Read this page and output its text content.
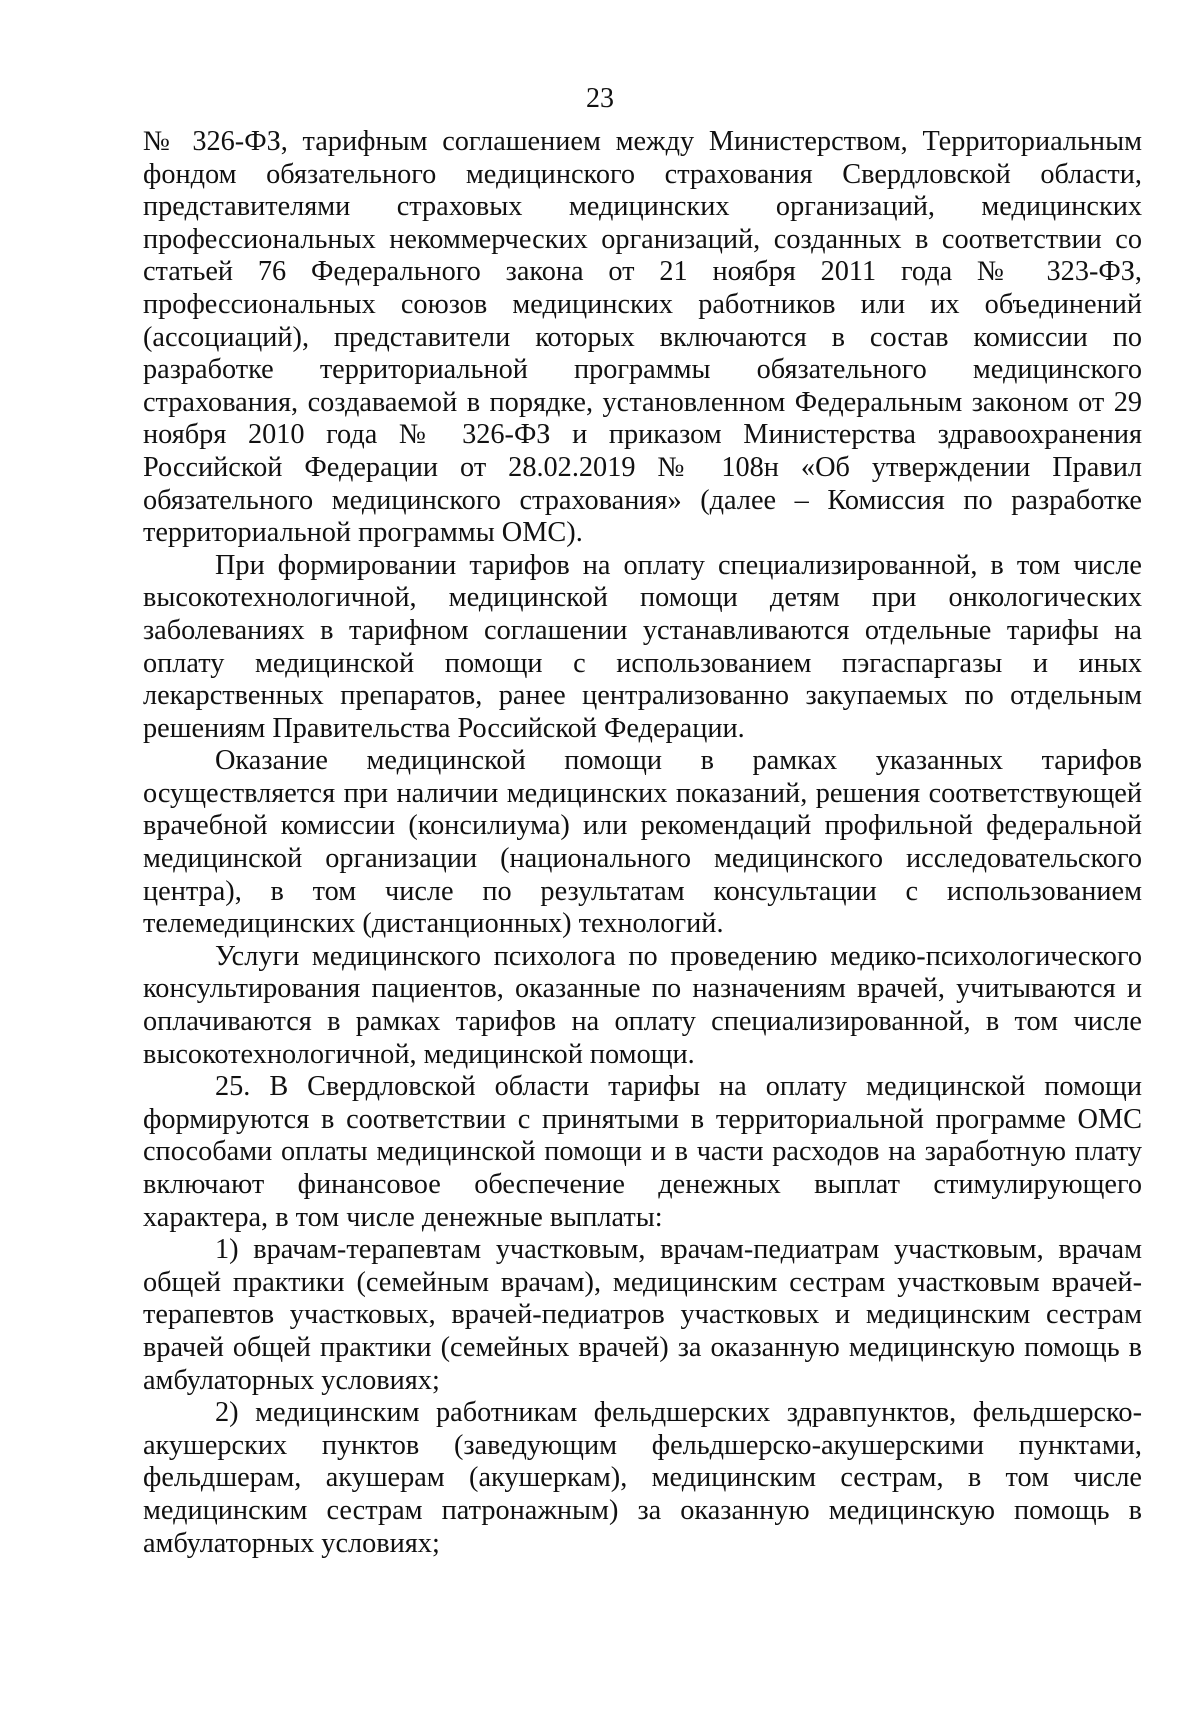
23

№ 326-ФЗ, тарифным соглашением между Министерством, Территориальным фондом обязательного медицинского страхования Свердловской области, представителями страховых медицинских организаций, медицинских профессиональных некоммерческих организаций, созданных в соответствии со статьей 76 Федерального закона от 21 ноября 2011 года № 323-ФЗ, профессиональных союзов медицинских работников или их объединений (ассоциаций), представители которых включаются в состав комиссии по разработке территориальной программы обязательного медицинского страхования, создаваемой в порядке, установленном Федеральным законом от 29 ноября 2010 года № 326-ФЗ и приказом Министерства здравоохранения Российской Федерации от 28.02.2019 № 108н «Об утверждении Правил обязательного медицинского страхования» (далее – Комиссия по разработке территориальной программы ОМС).

При формировании тарифов на оплату специализированной, в том числе высокотехнологичной, медицинской помощи детям при онкологических заболеваниях в тарифном соглашении устанавливаются отдельные тарифы на оплату медицинской помощи с использованием пэгаспаргазы и иных лекарственных препаратов, ранее централизованно закупаемых по отдельным решениям Правительства Российской Федерации.

Оказание медицинской помощи в рамках указанных тарифов осуществляется при наличии медицинских показаний, решения соответствующей врачебной комиссии (консилиума) или рекомендаций профильной федеральной медицинской организации (национального медицинского исследовательского центра), в том числе по результатам консультации с использованием телемедицинских (дистанционных) технологий.

Услуги медицинского психолога по проведению медико-психологического консультирования пациентов, оказанные по назначениям врачей, учитываются и оплачиваются в рамках тарифов на оплату специализированной, в том числе высокотехнологичной, медицинской помощи.

25. В Свердловской области тарифы на оплату медицинской помощи формируются в соответствии с принятыми в территориальной программе ОМС способами оплаты медицинской помощи и в части расходов на заработную плату включают финансовое обеспечение денежных выплат стимулирующего характера, в том числе денежные выплаты:

1) врачам-терапевтам участковым, врачам-педиатрам участковым, врачам общей практики (семейным врачам), медицинским сестрам участковым врачей-терапевтов участковых, врачей-педиатров участковых и медицинским сестрам врачей общей практики (семейных врачей) за оказанную медицинскую помощь в амбулаторных условиях;

2) медицинским работникам фельдшерских здравпунктов, фельдшерско-акушерских пунктов (заведующим фельдшерско-акушерскими пунктами, фельдшерам, акушерам (акушеркам), медицинским сестрам, в том числе медицинским сестрам патронажным) за оказанную медицинскую помощь в амбулаторных условиях;
